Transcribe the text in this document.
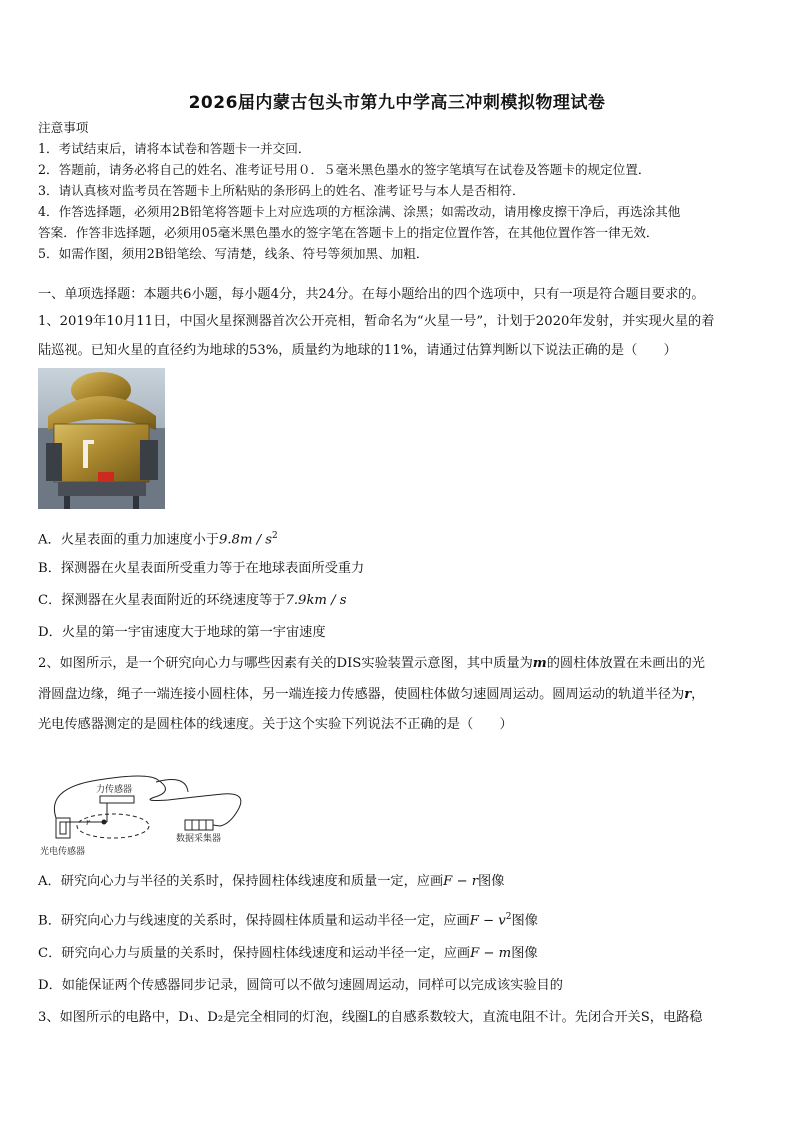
2026届内蒙古包头市第九中学高三冲刺模拟物理试卷
注意事项
1．考试结束后，请将本试卷和答题卡一并交回．
2．答题前，请务必将自己的姓名、准考证号用０．５毫米黑色墨水的签字笔填写在试卷及答题卡的规定位置．
3．请认真核对监考员在答题卡上所粘贴的条形码上的姓名、准考证号与本人是否相符．
4．作答选择题，必须用2B铅笔将答题卡上对应选项的方框涂满、涂黑；如需改动，请用橡皮擦干净后，再选涂其他
答案．作答非选择题，必须用05毫米黑色墨水的签字笔在答题卡上的指定位置作答，在其他位置作答一律无效．
5．如需作图，须用2B铅笔绘、写清楚，线条、符号等须加黑、加粗．
一、单项选择题：本题共6小题，每小题4分，共24分。在每小题给出的四个选项中，只有一项是符合题目要求的。
1、2019年10月11日，中国火星探测器首次公开亮相，暂命名为“火星一号”，计划于2020年发射，并实现火星的着
陆巡视。已知火星的直径约为地球的53%，质量约为地球的11%，请通过估算判断以下说法正确的是（　　）
A．火星表面的重力加速度小于$9.8m / s^2$
B．探测器在火星表面所受重力等于在地球表面所受重力
C．探测器在火星表面附近的环绕速度等于7.9km / s
D．火星的第一宇宙速度大于地球的第一宇宙速度
2、如图所示，是一个研究向心力与哪些因素有关的DIS实验装置示意图，其中质量为m的圆柱体放置在未画出的光
滑圆盘边缘，绳子一端连接小圆柱体，另一端连接力传感器，使圆柱体做匀速圆周运动。圆周运动的轨道半径为r，
光电传感器测定的是圆柱体的线速度。关于这个实验下列说法不正确的是（　　）
力传感器
数据采集器
光电传感器
r
A．研究向心力与半径的关系时，保持圆柱体线速度和质量一定，应画F − r图像
B．研究向心力与线速度的关系时，保持圆柱体质量和运动半径一定，应画$F - v^2$图像
C．研究向心力与质量的关系时，保持圆柱体线速度和运动半径一定，应画F − m图像
D．如能保证两个传感器同步记录，圆筒可以不做匀速圆周运动，同样可以完成该实验目的
3、如图所示的电路中，D₁、D₂是完全相同的灯泡，线圈L的自感系数较大，直流电阻不计。先闭合开关S，电路稳
